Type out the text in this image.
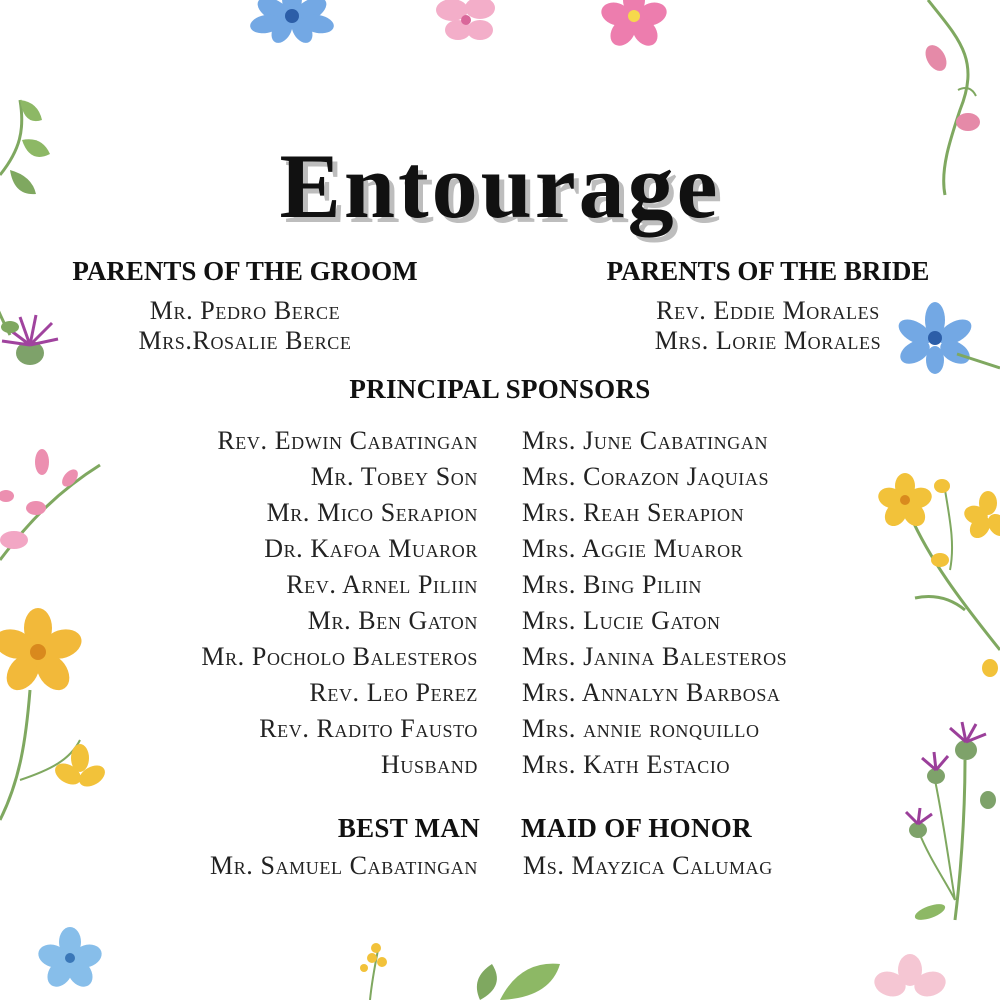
Entourage
PARENTS OF THE GROOM
Mr. Pedro Berce
Mrs.Rosalie Berce
PARENTS OF THE BRIDE
Rev. Eddie Morales
Mrs. Lorie Morales
PRINCIPAL SPONSORS
Rev. Edwin Cabatingan
Mr. Tobey Son
Mr. Mico Serapion
Dr. Kafoa Muaror
Rev. Arnel Piliin
Mr. Ben Gaton
Mr. Pocholo Balesteros
Rev. Leo Perez
Rev. Radito Fausto
Husband
Mrs. June Cabatingan
Mrs. Corazon Jaquias
Mrs. Reah Serapion
Mrs. Aggie Muaror
Mrs. Bing Piliin
Mrs. Lucie Gaton
Mrs. Janina Balesteros
Mrs. Annalyn Barbosa
Mrs. annie ronquillo
Mrs. Kath Estacio
BEST MAN
Mr. Samuel Cabatingan
MAID OF HONOR
Ms. Mayzica Calumag
